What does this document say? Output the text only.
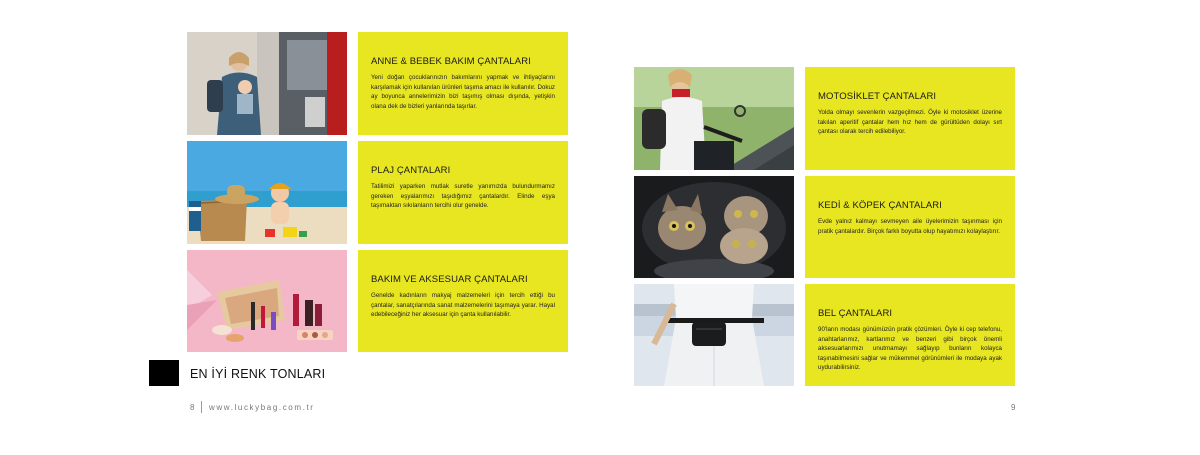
ANNE & BEBEK BAKIM ÇANTALARI
Yeni doğan çocuklarınızın bakımlarını yapmak ve ihtiyaçlarını karşılamak için kullanılan ürünleri taşıma amacı ile kullanılır. Dokuz ay boyunca annelerimizin bizi taşımış olması dışında, yetişkin olana dek de bizleri yanlarında taşırlar.
PLAJ ÇANTALARI
Tatilimizi yaparken mutlak suretle yanımızda bulundurmamız gereken eşyalarımızı taşıdığımız çantalardır. Elinde eşya taşımaktan sıkılanların tercihi olur genelde.
BAKIM VE AKSESUAR ÇANTALARI
Genelde kadınların makyaj malzemeleri için tercih ettiği bu çantalar, sanatçılarında sanat malzemelerini taşımaya yarar. Hayal edebileceğiniz her aksesuar için çanta kullanılabilir.
EN İYİ RENK TONLARI
8 www.luckybag.com.tr
MOTOSİKLET ÇANTALARI
Yolda olmayı sevenlerin vazgeçilmezi. Öyle ki motosiklet üzerine takılan aperitif çantalar hem hız hem de gürültüden dolayı sırt çantası olarak tercih edilebiliyor.
KEDİ & KÖPEK ÇANTALARI
Evde yalnız kalmayı sevmeyen aile üyelerimizin taşınması için pratik çantalardır. Birçok farklı boyutta olup hayatımızı kolaylaştırır.
BEL ÇANTALARI
90'ların modası günümüzün pratik çözümleri. Öyle ki cep telefonu, anahtarlarımız, kartlarımız ve benzeri gibi birçok önemli aksesuarlarımızı unutmamayı sağlayıp bunların kolayca taşınabilmesini sağlar ve mükemmel görünümleri ile modaya ayak uydurabilirsiniz.
9
